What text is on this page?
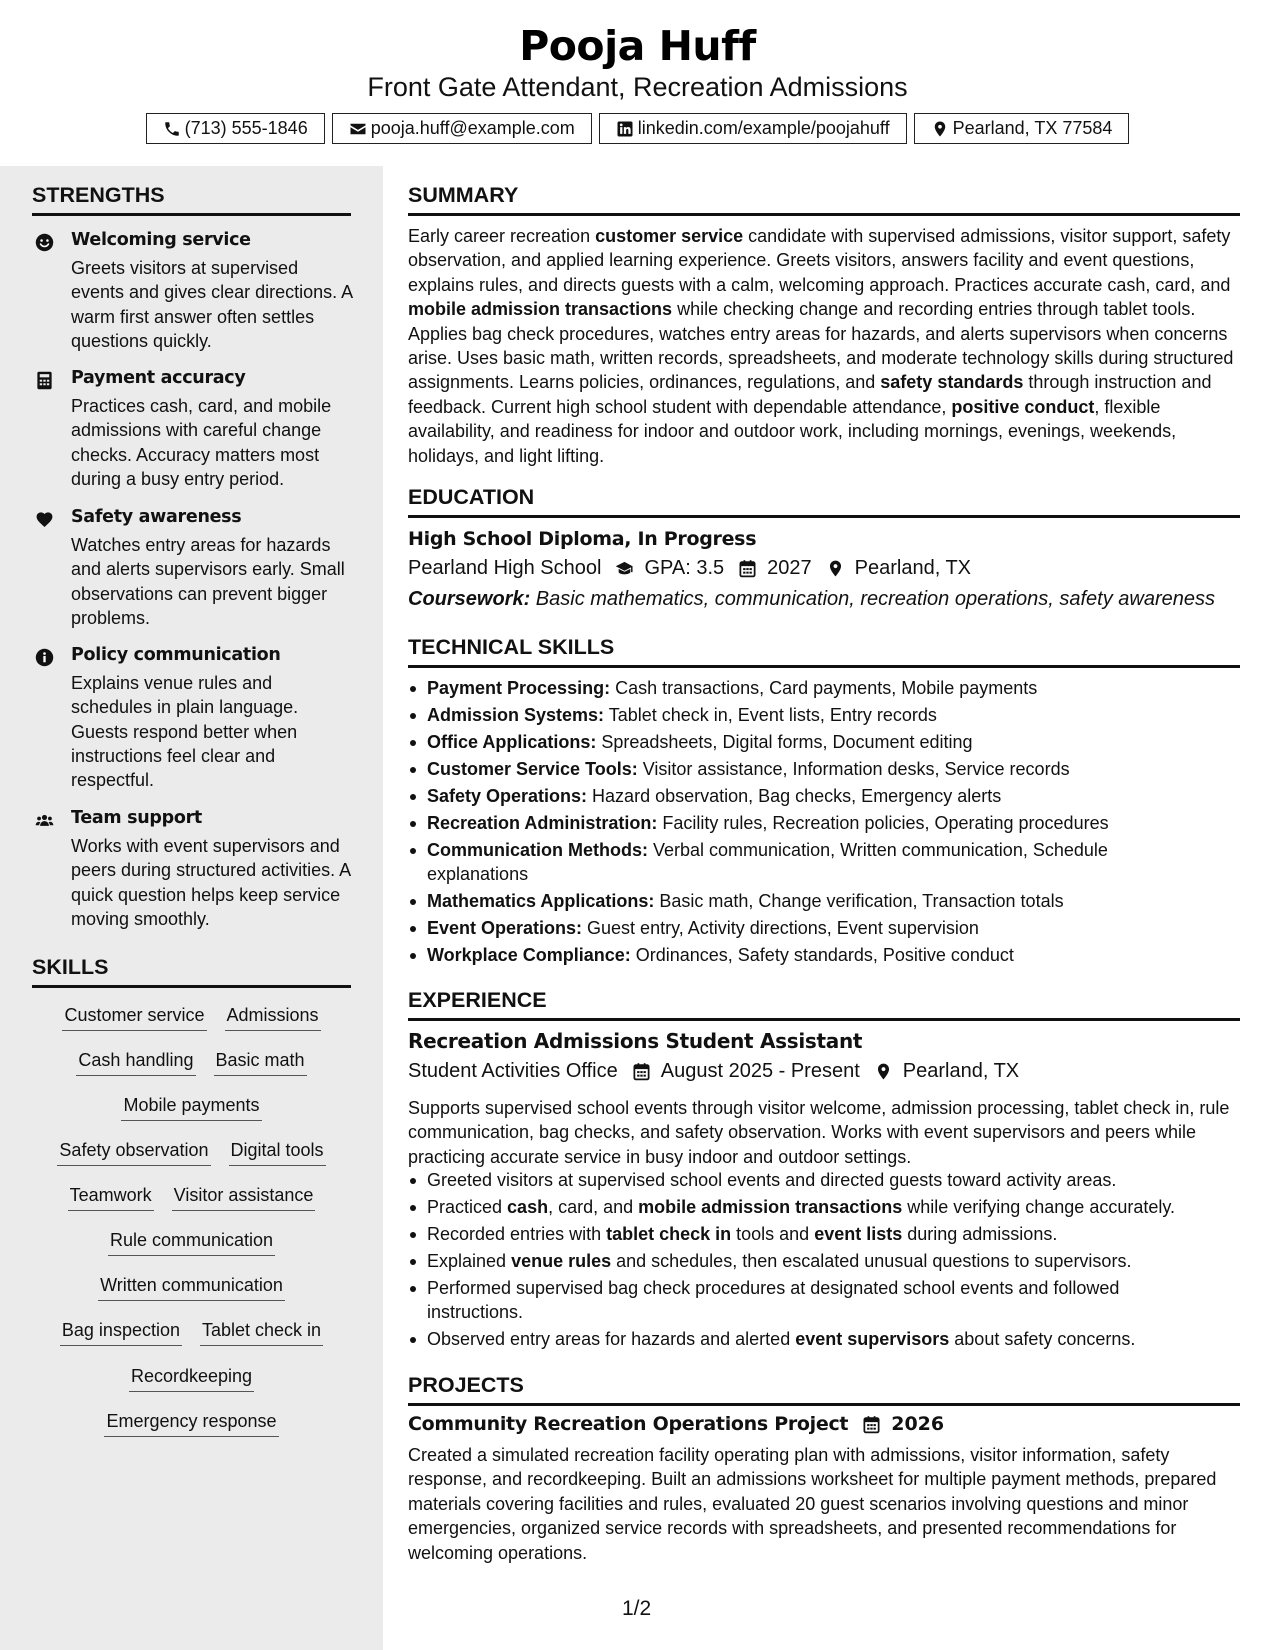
Pooja Huff
Front Gate Attendant, Recreation Admissions
(713) 555-1846	pooja.huff@example.com	linkedin.com/example/poojahuff	Pearland, TX 77584
STRENGTHS
Welcoming service
Greets visitors at supervised events and gives clear directions. A warm first answer often settles questions quickly.
Payment accuracy
Practices cash, card, and mobile admissions with careful change checks. Accuracy matters most during a busy entry period.
Safety awareness
Watches entry areas for hazards and alerts supervisors early. Small observations can prevent bigger problems.
Policy communication
Explains venue rules and schedules in plain language. Guests respond better when instructions feel clear and respectful.
Team support
Works with event supervisors and peers during structured activities. A quick question helps keep service moving smoothly.
SKILLS
Customer service Admissions
Cash handling Basic math
Mobile payments
Safety observation Digital tools
Teamwork Visitor assistance
Rule communication
Written communication
Bag inspection Tablet check in
Recordkeeping
Emergency response
SUMMARY
Early career recreation customer service candidate with supervised admissions, visitor support, safety observation, and applied learning experience. Greets visitors, answers facility and event questions, explains rules, and directs guests with a calm, welcoming approach. Practices accurate cash, card, and mobile admission transactions while checking change and recording entries through tablet tools. Applies bag check procedures, watches entry areas for hazards, and alerts supervisors when concerns arise. Uses basic math, written records, spreadsheets, and moderate technology skills during structured assignments. Learns policies, ordinances, regulations, and safety standards through instruction and feedback. Current high school student with dependable attendance, positive conduct, flexible availability, and readiness for indoor and outdoor work, including mornings, evenings, weekends, holidays, and light lifting.
EDUCATION
High School Diploma, In Progress
Pearland High School GPA: 3.5 2027 Pearland, TX
Coursework: Basic mathematics, communication, recreation operations, safety awareness
TECHNICAL SKILLS
Payment Processing: Cash transactions, Card payments, Mobile payments
Admission Systems: Tablet check in, Event lists, Entry records
Office Applications: Spreadsheets, Digital forms, Document editing
Customer Service Tools: Visitor assistance, Information desks, Service records
Safety Operations: Hazard observation, Bag checks, Emergency alerts
Recreation Administration: Facility rules, Recreation policies, Operating procedures
Communication Methods: Verbal communication, Written communication, Schedule explanations
Mathematics Applications: Basic math, Change verification, Transaction totals
Event Operations: Guest entry, Activity directions, Event supervision
Workplace Compliance: Ordinances, Safety standards, Positive conduct
EXPERIENCE
Recreation Admissions Student Assistant
Student Activities Office August 2025 - Present Pearland, TX
Supports supervised school events through visitor welcome, admission processing, tablet check in, rule communication, bag checks, and safety observation. Works with event supervisors and peers while practicing accurate service in busy indoor and outdoor settings.
Greeted visitors at supervised school events and directed guests toward activity areas.
Practiced cash, card, and mobile admission transactions while verifying change accurately.
Recorded entries with tablet check in tools and event lists during admissions.
Explained venue rules and schedules, then escalated unusual questions to supervisors.
Performed supervised bag check procedures at designated school events and followed instructions.
Observed entry areas for hazards and alerted event supervisors about safety concerns.
PROJECTS
Community Recreation Operations Project 2026
Created a simulated recreation facility operating plan with admissions, visitor information, safety response, and recordkeeping. Built an admissions worksheet for multiple payment methods, prepared materials covering facilities and rules, evaluated 20 guest scenarios involving questions and minor emergencies, organized service records with spreadsheets, and presented recommendations for welcoming operations.
1/2
